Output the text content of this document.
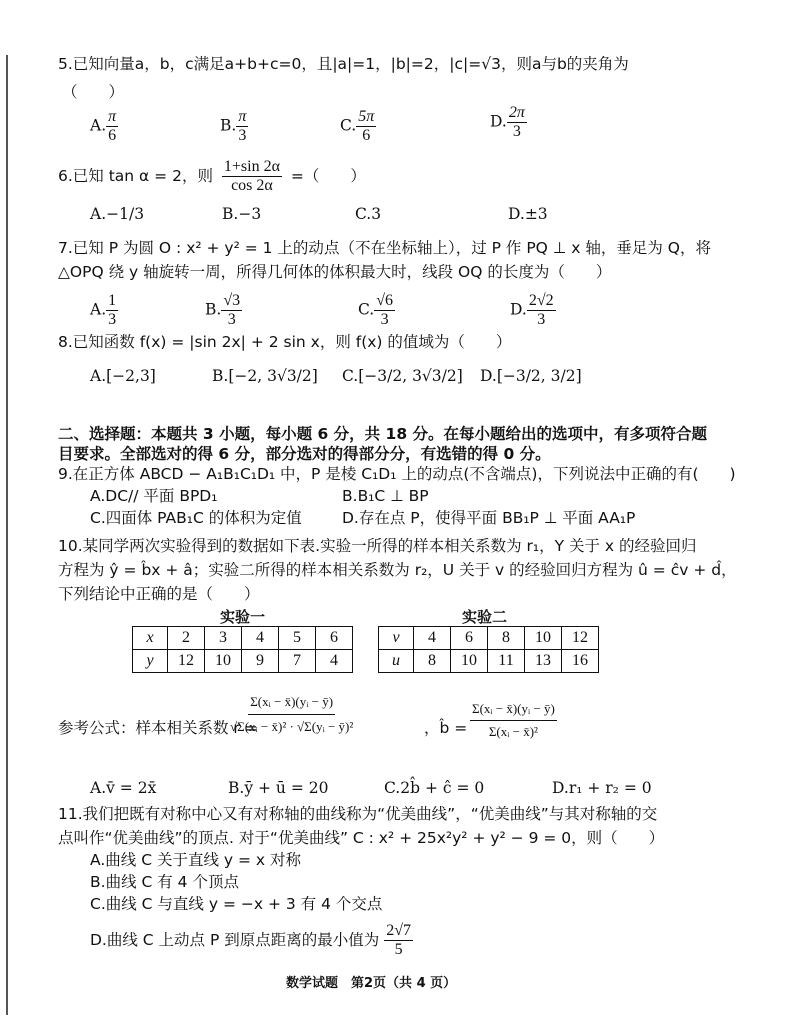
5.已知向量a，b，c满足a+b+c=0，且|a|=1，|b|=2，|c|=√3，则a与b的夹角为
（　　）
A. $\frac{\pi}{6}$	B. $\frac{\pi}{3}$	C. $\frac{5\pi}{6}$	D. $\frac{2\pi}{3}$
6.已知 tan α = 2，则 $\frac{1+\sin 2\alpha}{\cos 2\alpha}$ =（　　）
A.−1/3	B.−3	C.3	D.±3
7.已知 P 为圆 O : x² + y² = 1 上的动点（不在坐标轴上），过 P 作 PQ ⊥ x 轴，垂足为 Q，将
△OPQ 绕 y 轴旋转一周，所得几何体的体积最大时，线段 OQ 的长度为（　　）
A. $\frac{1}{3}$	B. $\frac{√3}{3}$	C. $\frac{√6}{3}$	D. $\frac{2√2}{3}$
8.已知函数 f(x) = |sin 2x| + 2 sin x，则 f(x) 的值域为（　　）
A.[−2,3]	B.[−2, 3√3/2] C.[−3/2, 3√3/2] D.[−3/2, 3/2]
二、选择题：本题共 3 小题，每小题 6 分，共 18 分。在每小题给出的选项中，有多项符合题
目要求。全部选对的得 6 分，部分选对的得部分分，有选错的得 0 分。
9.在正方体 ABCD − A₁B₁C₁D₁ 中，P 是棱 C₁D₁ 上的动点(不含端点)，下列说法中正确的有(　　)
A.DC// 平面 BPD₁	B.B₁C ⊥ BP
C.四面体 PAB₁C 的体积为定值	D.存在点 P，使得平面 BB₁P ⊥ 平面 AA₁P
10.某同学两次实验得到的数据如下表.实验一所得的样本相关系数为 r₁，Y 关于 x 的经验回归
方程为 ŷ = b̂x + â；实验二所得的样本相关系数为 r₂，U 关于 v 的经验回归方程为 û = ĉv + d̂，
下列结论中正确的是（　　）
实验一	实验二
x	2	3	4	5	6
y	12	10	9	7	4
v	4	6	8	10	12
u	8	10	11	13	16
参考公式：样本相关系数 r =
$\frac{\text{Σ(xᵢ − x̄)(yᵢ − ȳ)}}{\text{√Σ(xᵢ − x̄)² · √Σ(yᵢ − ȳ)²}}$	，b̂ = $\frac{\text{Σ(xᵢ − x̄)(yᵢ − ȳ)}}{\text{Σ(xᵢ − x̄)²}}$
A.v̄ = 2x̄	B.ȳ + ū = 20	C.2b̂ + ĉ = 0	D.r₁ + r₂ = 0
11.我们把既有对称中心又有对称轴的曲线称为“优美曲线”，“优美曲线”与其对称轴的交
点叫作“优美曲线”的顶点. 对于“优美曲线” C : x² + 25x²y² + y² − 9 = 0，则（　　）
A.曲线 C 关于直线 y = x 对称
B.曲线 C 有 4 个顶点
C.曲线 C 与直线 y = −x + 3 有 4 个交点
D.曲线 C 上动点 P 到原点距离的最小值为 $\frac{2√7}{5}$
数学试题　第2页（共 4 页）
